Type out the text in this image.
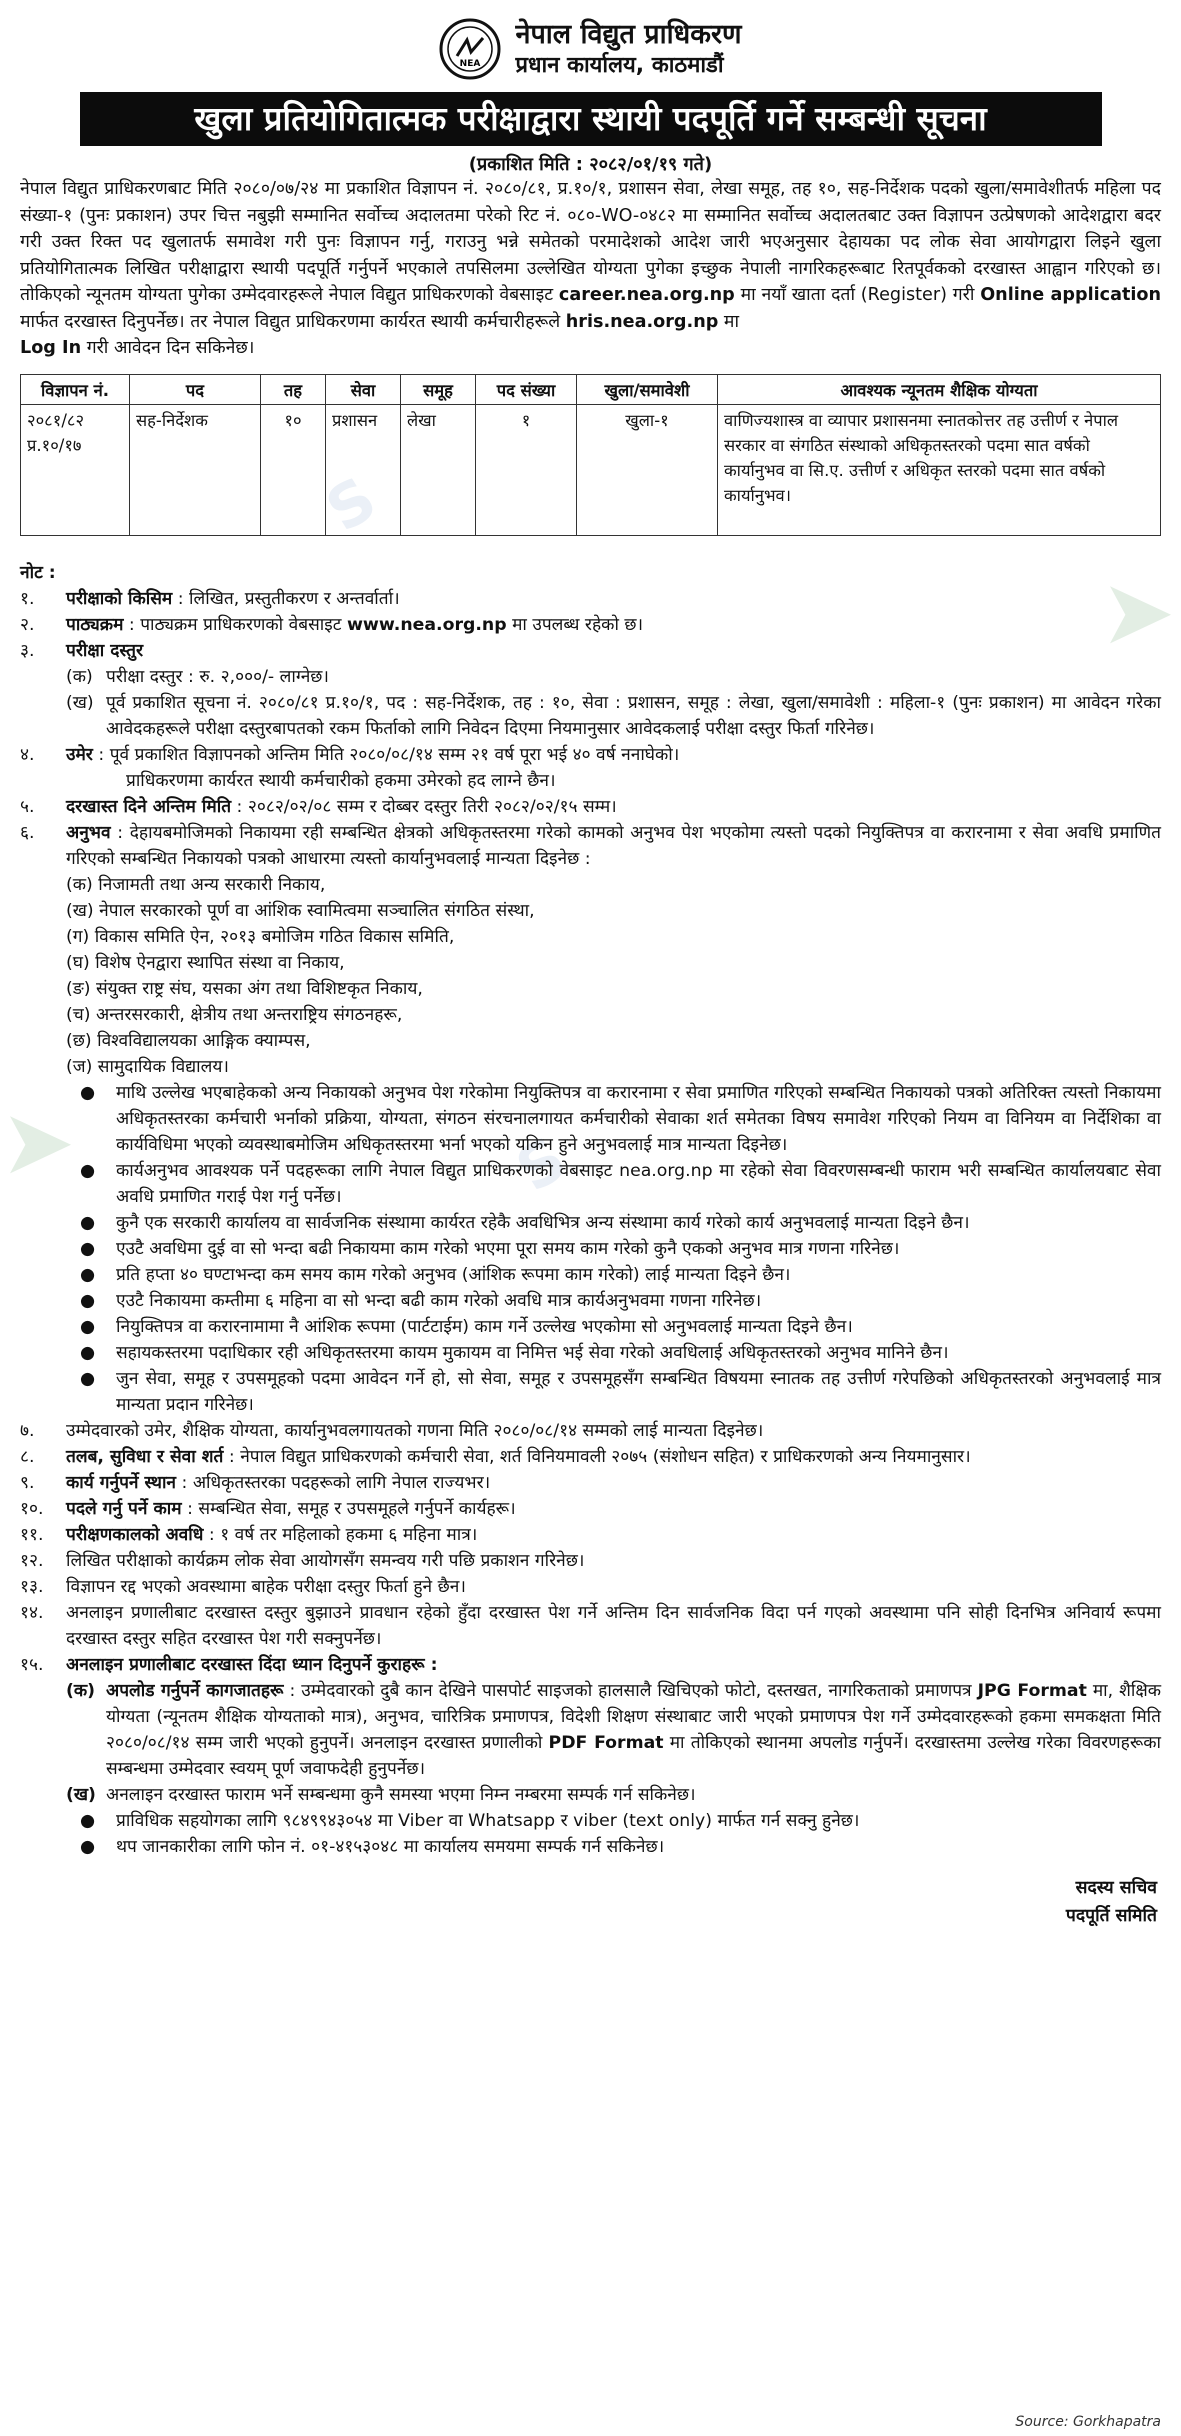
S
S
➤
➤
NEA
नेपाल विद्युत प्राधिकरण
प्रधान कार्यालय, काठमाडौं
खुला प्रतियोगितात्मक परीक्षाद्वारा स्थायी पदपूर्ति गर्ने सम्बन्धी सूचना
(प्रकाशित मिति : २०८२/०१/१९ गते)

नेपाल विद्युत प्राधिकरणबाट मिति २०८०/०७/२४ मा प्रकाशित विज्ञापन नं. २०८०/८१, प्र.१०/१, प्रशासन सेवा, लेखा समूह, तह १०, सह-निर्देशक पदको खुला/समावेशीतर्फ महिला पद संख्या-१ (पुनः प्रकाशन) उपर चित्त नबुझी सम्मानित सर्वोच्च अदालतमा परेको रिट नं. ०८०-WO-०४८२ मा सम्मानित सर्वोच्च अदालतबाट उक्त विज्ञापन उत्प्रेषणको आदेशद्वारा बदर गरी उक्त रिक्त पद खुलातर्फ समावेश गरी पुनः विज्ञापन गर्नु, गराउनु भन्ने समेतको परमादेशको आदेश जारी भएअनुसार देहायका पद लोक सेवा आयोगद्वारा लिइने खुला प्रतियोगितात्मक लिखित परीक्षाद्वारा स्थायी पदपूर्ति गर्नुपर्ने भएकाले तपसिलमा उल्लेखित योग्यता पुगेका इच्छुक नेपाली नागरिकहरूबाट रितपूर्वकको दरखास्त आह्वान गरिएको छ। तोकिएको न्यूनतम योग्यता पुगेका उम्मेदवारहरूले नेपाल विद्युत प्राधिकरणको वेबसाइट career.nea.org.np मा नयाँ खाता दर्ता (Register) गरी Online application मार्फत दरखास्त दिनुपर्नेछ। तर नेपाल विद्युत प्राधिकरणमा कार्यरत स्थायी कर्मचारीहरूले hris.nea.org.np मा
Log In गरी आवेदन दिन सकिनेछ।

विज्ञापन नं.	पद	तह	सेवा	समूह	पद संख्या	खुला/समावेशी	आवश्यक न्यूनतम शैक्षिक योग्यता
२०८१/८२
प्र.१०/१७	सह-निर्देशक	१०	प्रशासन	लेखा	१	खुला-१	वाणिज्यशास्त्र वा व्यापार प्रशासनमा स्नातकोत्तर तह उत्तीर्ण र नेपाल सरकार वा संगठित संस्थाको अधिकृतस्तरको पदमा सात वर्षको कार्यानुभव वा सि.ए. उत्तीर्ण र अधिकृत स्तरको पदमा सात वर्षको कार्यानुभव।
नोट :
१.	परीक्षाको किसिम : लिखित, प्रस्तुतीकरण र अन्तर्वार्ता।
२.	पाठ्यक्रम : पाठ्यक्रम प्राधिकरणको वेबसाइट www.nea.org.np मा उपलब्ध रहेको छ।
३.	परीक्षा दस्तुर
(क) परीक्षा दस्तुर : रु. २,०००/- लाग्नेछ।
(ख) पूर्व प्रकाशित सूचना नं. २०८०/८१ प्र.१०/१, पद : सह-निर्देशक, तह : १०, सेवा : प्रशासन, समूह : लेखा, खुला/समावेशी : महिला-१ (पुनः प्रकाशन) मा आवेदन गरेका आवेदकहरूले परीक्षा दस्तुरबापतको रकम फिर्ताको लागि निवेदन दिएमा नियमानुसार आवेदकलाई परीक्षा दस्तुर फिर्ता गरिनेछ।
४.	उमेर : पूर्व प्रकाशित विज्ञापनको अन्तिम मिति २०८०/०८/१४ सम्म २१ वर्ष पूरा भई ४० वर्ष ननाघेको।
प्राधिकरणमा कार्यरत स्थायी कर्मचारीको हकमा उमेरको हद लाग्ने छैन।
५.	दरखास्त दिने अन्तिम मिति : २०८२/०२/०८ सम्म र दोब्बर दस्तुर तिरी २०८२/०२/१५ सम्म।
६.	अनुभव : देहायबमोजिमको निकायमा रही सम्बन्धित क्षेत्रको अधिकृतस्तरमा गरेको कामको अनुभव पेश भएकोमा त्यस्तो पदको नियुक्तिपत्र वा करारनामा र सेवा अवधि प्रमाणित गरिएको सम्बन्धित निकायको पत्रको आधारमा त्यस्तो कार्यानुभवलाई मान्यता दिइनेछ :
(क) निजामती तथा अन्य सरकारी निकाय,
(ख) नेपाल सरकारको पूर्ण वा आंशिक स्वामित्वमा सञ्चालित संगठित संस्था,
(ग) विकास समिति ऐन, २०१३ बमोजिम गठित विकास समिति,
(घ) विशेष ऐनद्वारा स्थापित संस्था वा निकाय,
(ङ) संयुक्त राष्ट्र संघ, यसका अंग तथा विशिष्टकृत निकाय,
(च) अन्तरसरकारी, क्षेत्रीय तथा अन्तराष्ट्रिय संगठनहरू,
(छ) विश्वविद्यालयका आङ्गिक क्याम्पस,
(ज) सामुदायिक विद्यालय।
●	माथि उल्लेख भएबाहेकको अन्य निकायको अनुभव पेश गरेकोमा नियुक्तिपत्र वा करारनामा र सेवा प्रमाणित गरिएको सम्बन्धित निकायको पत्रको अतिरिक्त त्यस्तो निकायमा अधिकृतस्तरका कर्मचारी भर्नाको प्रक्रिया, योग्यता, संगठन संरचनालगायत कर्मचारीको सेवाका शर्त समेतका विषय समावेश गरिएको नियम वा विनियम वा निर्देशिका वा कार्यविधिमा भएको व्यवस्थाबमोजिम अधिकृतस्तरमा भर्ना भएको यकिन हुने अनुभवलाई मात्र मान्यता दिइनेछ।
●	कार्यअनुभव आवश्यक पर्ने पदहरूका लागि नेपाल विद्युत प्राधिकरणको वेबसाइट nea.org.np मा रहेको सेवा विवरणसम्बन्धी फाराम भरी सम्बन्धित कार्यालयबाट सेवा अवधि प्रमाणित गराई पेश गर्नु पर्नेछ।
●	कुनै एक सरकारी कार्यालय वा सार्वजनिक संस्थामा कार्यरत रहेकै अवधिभित्र अन्य संस्थामा कार्य गरेको कार्य अनुभवलाई मान्यता दिइने छैन।
●	एउटै अवधिमा दुई वा सो भन्दा बढी निकायमा काम गरेको भएमा पूरा समय काम गरेको कुनै एकको अनुभव मात्र गणना गरिनेछ।
●	प्रति हप्ता ४० घण्टाभन्दा कम समय काम गरेको अनुभव (आंशिक रूपमा काम गरेको) लाई मान्यता दिइने छैन।
●	एउटै निकायमा कम्तीमा ६ महिना वा सो भन्दा बढी काम गरेको अवधि मात्र कार्यअनुभवमा गणना गरिनेछ।
●	नियुक्तिपत्र वा करारनामामा नै आंशिक रूपमा (पार्टटाईम) काम गर्ने उल्लेख भएकोमा सो अनुभवलाई मान्यता दिइने छैन।
●	सहायकस्तरमा पदाधिकार रही अधिकृतस्तरमा कायम मुकायम वा निमित्त भई सेवा गरेको अवधिलाई अधिकृतस्तरको अनुभव मानिने छैन।
●	जुन सेवा, समूह र उपसमूहको पदमा आवेदन गर्ने हो, सो सेवा, समूह र उपसमूहसँग सम्बन्धित विषयमा स्नातक तह उत्तीर्ण गरेपछिको अधिकृतस्तरको अनुभवलाई मात्र मान्यता प्रदान गरिनेछ।
७.	उम्मेदवारको उमेर, शैक्षिक योग्यता, कार्यानुभवलगायतको गणना मिति २०८०/०८/१४ सम्मको लाई मान्यता दिइनेछ।
८.	तलब, सुविधा र सेवा शर्त : नेपाल विद्युत प्राधिकरणको कर्मचारी सेवा, शर्त विनियमावली २०७५ (संशोधन सहित) र प्राधिकरणको अन्य नियमानुसार।
९.	कार्य गर्नुपर्ने स्थान : अधिकृतस्तरका पदहरूको लागि नेपाल राज्यभर।
१०.	पदले गर्नु पर्ने काम : सम्बन्धित सेवा, समूह र उपसमूहले गर्नुपर्ने कार्यहरू।
११.	परीक्षणकालको अवधि : १ वर्ष तर महिलाको हकमा ६ महिना मात्र।
१२.	लिखित परीक्षाको कार्यक्रम लोक सेवा आयोगसँग समन्वय गरी पछि प्रकाशन गरिनेछ।
१३.	विज्ञापन रद्द भएको अवस्थामा बाहेक परीक्षा दस्तुर फिर्ता हुने छैन।
१४.	अनलाइन प्रणालीबाट दरखास्त दस्तुर बुझाउने प्रावधान रहेको हुँदा दरखास्त पेश गर्ने अन्तिम दिन सार्वजनिक विदा पर्न गएको अवस्थामा पनि सोही दिनभित्र अनिवार्य रूपमा दरखास्त दस्तुर सहित दरखास्त पेश गरी सक्नुपर्नेछ।
१५.	अनलाइन प्रणालीबाट दरखास्त दिंदा ध्यान दिनुपर्ने कुराहरू :
(क) अपलोड गर्नुपर्ने कागजातहरू : उम्मेदवारको दुबै कान देखिने पासपोर्ट साइजको हालसालै खिचिएको फोटो, दस्तखत, नागरिकताको प्रमाणपत्र JPG Format मा, शैक्षिक योग्यता (न्यूनतम शैक्षिक योग्यताको मात्र), अनुभव, चारित्रिक प्रमाणपत्र, विदेशी शिक्षण संस्थाबाट जारी भएको प्रमाणपत्र पेश गर्ने उम्मेदवारहरूको हकमा समकक्षता मिति २०८०/०८/१४ सम्म जारी भएको हुनुपर्ने। अनलाइन दरखास्त प्रणालीको PDF Format मा तोकिएको स्थानमा अपलोड गर्नुपर्ने। दरखास्तमा उल्लेख गरेका विवरणहरूका सम्बन्धमा उम्मेदवार स्वयम् पूर्ण जवाफदेही हुनुपर्नेछ।
(ख) अनलाइन दरखास्त फाराम भर्ने सम्बन्धमा कुनै समस्या भएमा निम्न नम्बरमा सम्पर्क गर्न सकिनेछ।
●	प्राविधिक सहयोगका लागि ९८४९९४३०५४ मा Viber वा Whatsapp र viber (text only) मार्फत गर्न सक्नु हुनेछ।
●	थप जानकारीका लागि फोन नं. ०१-४१५३०४८ मा कार्यालय समयमा सम्पर्क गर्न सकिनेछ।
सदस्य सचिव
पदपूर्ति समिति
Source: Gorkhapatra
